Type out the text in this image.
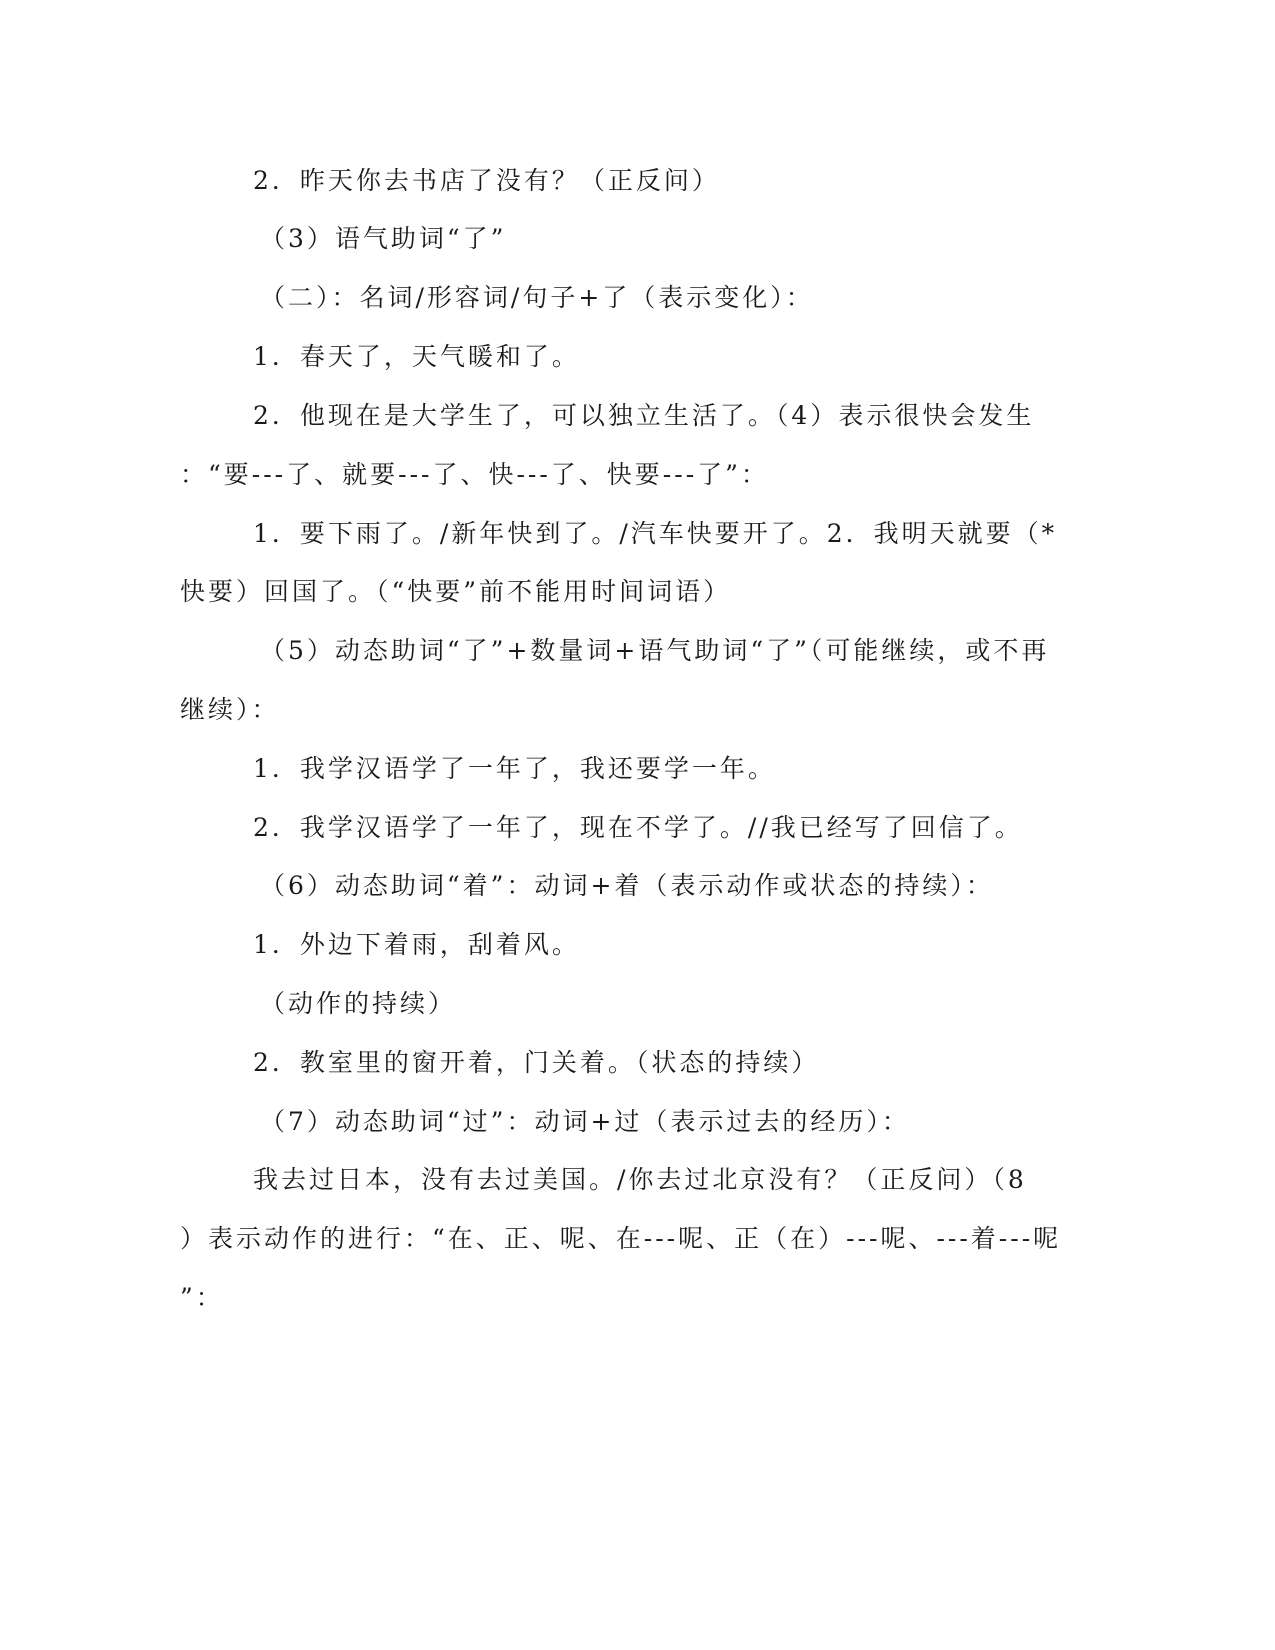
2．昨天你去书店了没有？（正反问）

（3）语气助词“了”

（二）：名词/形容词/句子+了（表示变化）：

1．春天了，天气暖和了。

2．他现在是大学生了，可以独立生活了。（4）表示很快会发生

：“要---了、就要---了、快---了、快要---了”：

1．要下雨了。/新年快到了。/汽车快要开了。2．我明天就要（*

快要）回国了。（“快要”前不能用时间词语）

（5）动态助词“了”+数量词+语气助词“了”（可能继续，或不再

继续）：

1．我学汉语学了一年了，我还要学一年。

2．我学汉语学了一年了，现在不学了。//我已经写了回信了。

（6）动态助词“着”：动词+着（表示动作或状态的持续）：

1．外边下着雨，刮着风。

（动作的持续）

2．教室里的窗开着，门关着。（状态的持续）

（7）动态助词“过”：动词+过（表示过去的经历）：

我去过日本，没有去过美国。/你去过北京没有？（正反问）（8

）表示动作的进行：“在、正、呢、在---呢、正（在）---呢、---着---呢

”：
